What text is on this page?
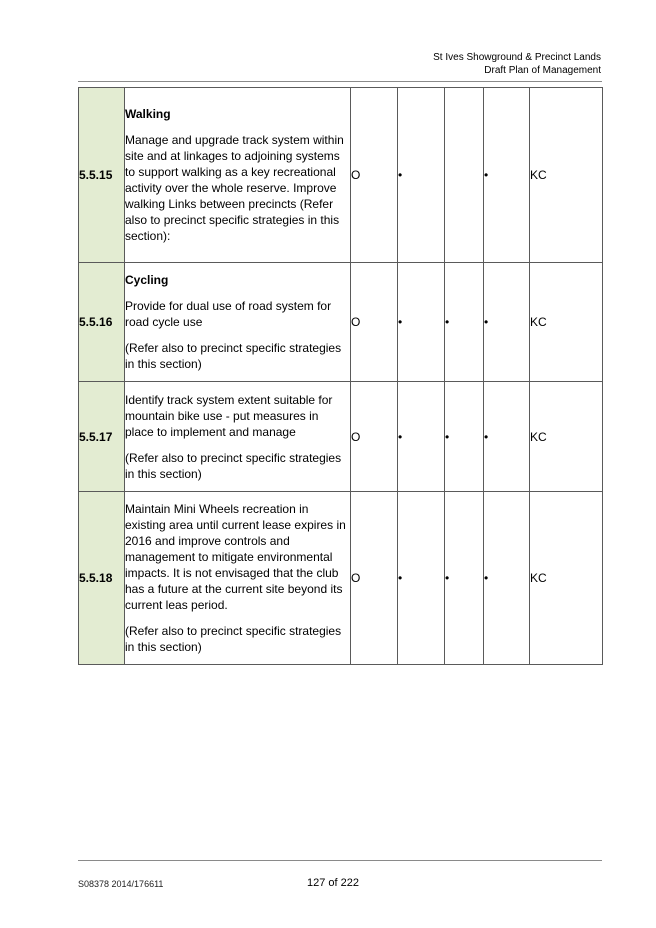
St Ives Showground & Precinct Lands
Draft Plan of Management
5.5.15	Walking

Manage and upgrade track system within site and at linkages to adjoining systems to support walking as a key recreational activity over the whole reserve. Improve walking Links between precincts (Refer also to precinct specific strategies in this section):	O	•		•	KC
5.5.16	Cycling

Provide for dual use of road system for road cycle use

(Refer also to precinct specific strategies in this section)	O	•	•	•	KC
5.5.17	Identify track system extent suitable for mountain bike use - put measures in place to implement and manage

(Refer also to precinct specific strategies in this section)	O	•	•	•	KC
5.5.18	Maintain Mini Wheels recreation in existing area until current lease expires in 2016 and improve controls and management to mitigate environmental impacts. It is not envisaged that the club has a future at the current site beyond its current leas period.

(Refer also to precinct specific strategies in this section)	O	•	•	•	KC
S08378 2014/176611	127 of 222
